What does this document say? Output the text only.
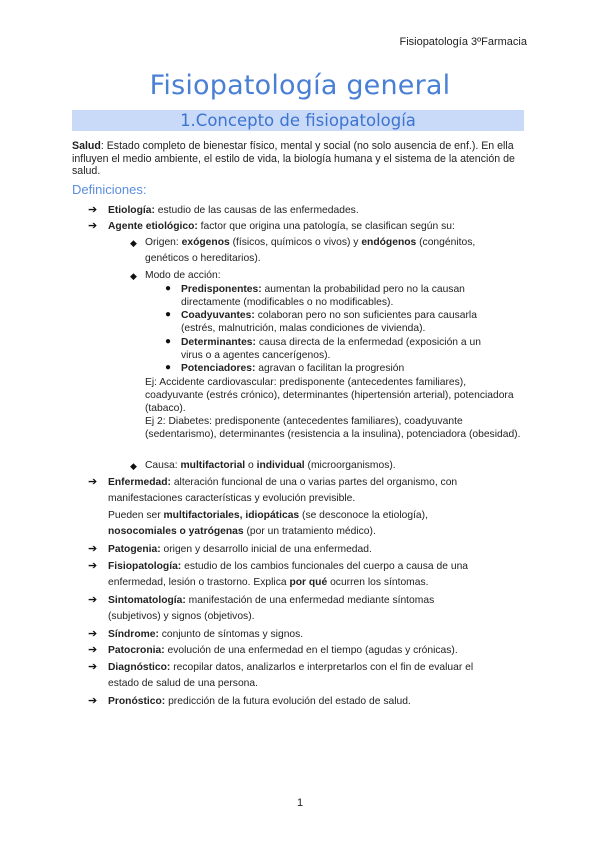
Fisiopatología 3ºFarmacia
Fisiopatología general
1.Concepto de fisiopatología
Salud: Estado completo de bienestar físico, mental y social (no solo ausencia de enf.). En ella influyen el medio ambiente, el estilo de vida, la biología humana y el sistema de la atención de salud.
Definiciones:
➔ Etiología: estudio de las causas de las enfermedades.
➔ Agente etiológico: factor que origina una patología, se clasifican según su:
◆ Origen: exógenos (físicos, químicos o vivos) y endógenos (congénitos,
genéticos o hereditarios).
◆ Modo de acción:
● Predisponentes: aumentan la probabilidad pero no la causan
directamente (modificables o no modificables).
● Coadyuvantes: colaboran pero no son suficientes para causarla
(estrés, malnutrición, malas condiciones de vivienda).
● Determinantes: causa directa de la enfermedad (exposición a un
virus o a agentes cancerígenos).
● Potenciadores: agravan o facilitan la progresión
Ej: Accidente cardiovascular: predisponente (antecedentes familiares), coadyuvante (estrés crónico), determinantes (hipertensión arterial), potenciadora (tabaco).
Ej 2: Diabetes: predisponente (antecedentes familiares), coadyuvante (sedentarismo), determinantes (resistencia a la insulina), potenciadora (obesidad).
◆ Causa: multifactorial o individual (microorganismos).
➔ Enfermedad: alteración funcional de una o varias partes del organismo, con
manifestaciones características y evolución previsible.
Pueden ser multifactoriales, idiopáticas (se desconoce la etiología),
nosocomiales o yatrógenas (por un tratamiento médico).
➔ Patogenia: origen y desarrollo inicial de una enfermedad.
➔ Fisiopatología: estudio de los cambios funcionales del cuerpo a causa de una
enfermedad, lesión o trastorno. Explica por qué ocurren los síntomas.
➔ Sintomatología: manifestación de una enfermedad mediante síntomas
(subjetivos) y signos (objetivos).
➔ Síndrome: conjunto de síntomas y signos.
➔ Patocronia: evolución de una enfermedad en el tiempo (agudas y crónicas).
➔ Diagnóstico: recopilar datos, analizarlos e interpretarlos con el fin de evaluar el
estado de salud de una persona.
➔ Pronóstico: predicción de la futura evolución del estado de salud.
1
